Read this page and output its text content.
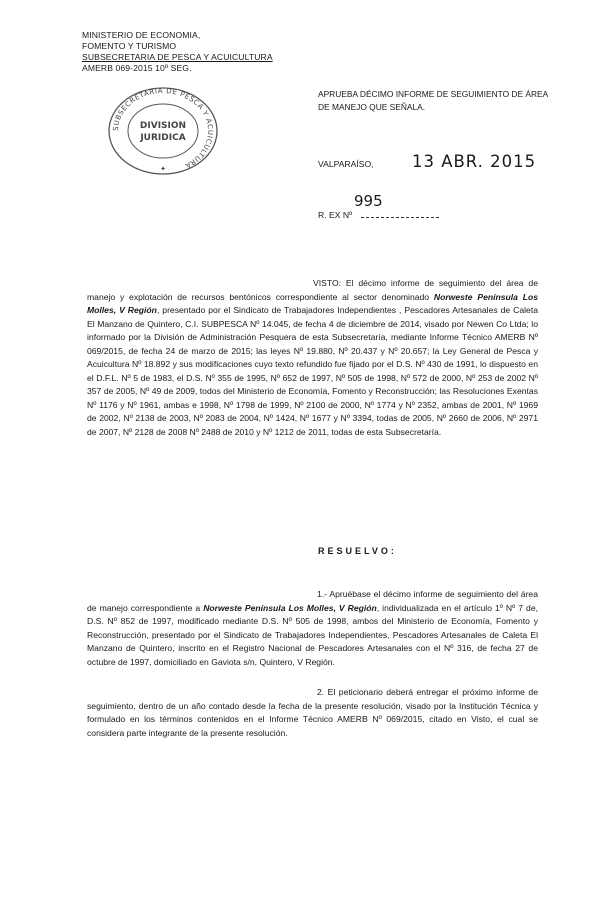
MINISTERIO DE ECONOMIA,
FOMENTO Y TURISMO
SUBSECRETARIA DE PESCA Y ACUICULTURA
AMERB 069-2015 10º SEG.
SUBSECRETARIA DE PESCA Y ACUICULTURA
DIVISION
JURIDICA
✦
APRUEBA DÉCIMO INFORME DE SEGUIMIENTO DE ÁREA DE MANEJO QUE SEÑALA.
VALPARAÍSO, 13 ABR. 2015
R. EX Nº
995
VISTO: El décimo informe de seguimiento del área de manejo y explotación de recursos bentónicos correspondiente al sector denominado Norweste Península Los Molles, V Región, presentado por el Sindicato de Trabajadores Independientes , Pescadores Artesanales de Caleta El Manzano de Quintero, C.I. SUBPESCA Nº 14.045, de fecha 4 de diciembre de 2014, visado por Newen Co Ltda; lo informado por la División de Administración Pesquera de esta Subsecretaría, mediante Informe Técnico AMERB Nº 069/2015, de fecha 24 de marzo de 2015; las leyes Nº 19.880, Nº 20.437 y Nº 20.657; la Ley General de Pesca y Acuicultura Nº 18.892 y sus modificaciones cuyo texto refundido fue fijado por el D.S. Nº 430 de 1991, lo dispuesto en el D.F.L. Nº 5 de 1983, el D.S. Nº 355 de 1995, Nº 652 de 1997, Nº 505 de 1998, Nº 572 de 2000, Nº 253 de 2002 Nº 357 de 2005, Nº 49 de 2009, todos del Ministerio de Economía, Fomento y Reconstrucción; las Resoluciones Exentas Nº 1176 y Nº 1961, ambas e 1998, Nº 1798 de 1999, Nº 2100 de 2000, Nº 1774 y Nº 2352, ambas de 2001, Nº 1969 de 2002, Nº 2138 de 2003, Nº 2083 de 2004, Nº 1424, Nº 1677 y Nº 3394, todas de 2005, Nº 2660 de 2006, Nº 2971 de 2007, Nº 2128 de 2008 Nº 2488 de 2010 y Nº 1212 de 2011, todas de esta Subsecretaría.
RESUELVO:
1.- Apruébase el décimo informe de seguimiento del área de manejo correspondiente a Norweste Península Los Molles, V Región, individualizada en el artículo 1º Nº 7 de, D.S. Nº 852 de 1997, modificado mediante D.S. Nº 505 de 1998, ambos del Ministerio de Economía, Fomento y Reconstrucción, presentado por el Sindicato de Trabajadores Independientes, Pescadores Artesanales de Caleta El Manzano de Quintero, inscrito en el Registro Nacional de Pescadores Artesanales con el Nº 316, de fecha 27 de octubre de 1997, domiciliado en Gaviota s/n, Quintero, V Región.
2. El peticionario deberá entregar el próximo informe de seguimiento, dentro de un año contado desde la fecha de la presente resolución, visado por la Institución Técnica y formulado en los términos contenidos en el Informe Técnico AMERB Nº 069/2015, citado en Visto, el cual se considera parte integrante de la presente resolución.
